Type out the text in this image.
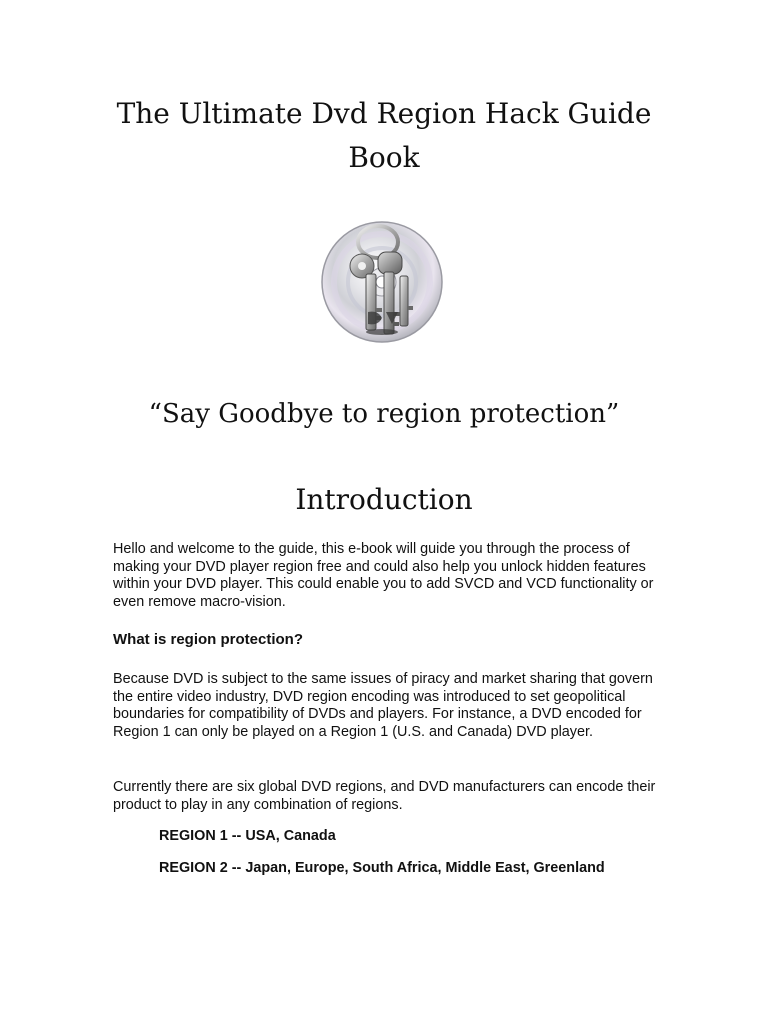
The Ultimate Dvd Region Hack Guide Book
“Say Goodbye to region protection”
Introduction

Hello and welcome to the guide, this e-book will guide you through the process of making your DVD player region free and could also help you unlock hidden features within your DVD player. This could enable you to add SVCD and VCD functionality or even remove macro-vision.

What is region protection?

Because DVD is subject to the same issues of piracy and market sharing that govern the entire video industry, DVD region encoding was introduced to set geopolitical boundaries for compatibility of DVDs and players. For instance, a DVD encoded for Region 1 can only be played on a Region 1 (U.S. and Canada) DVD player.

Currently there are six global DVD regions, and DVD manufacturers can encode their product to play in any combination of regions.

REGION 1 -- USA, Canada

REGION 2 -- Japan, Europe, South Africa, Middle East, Greenland
